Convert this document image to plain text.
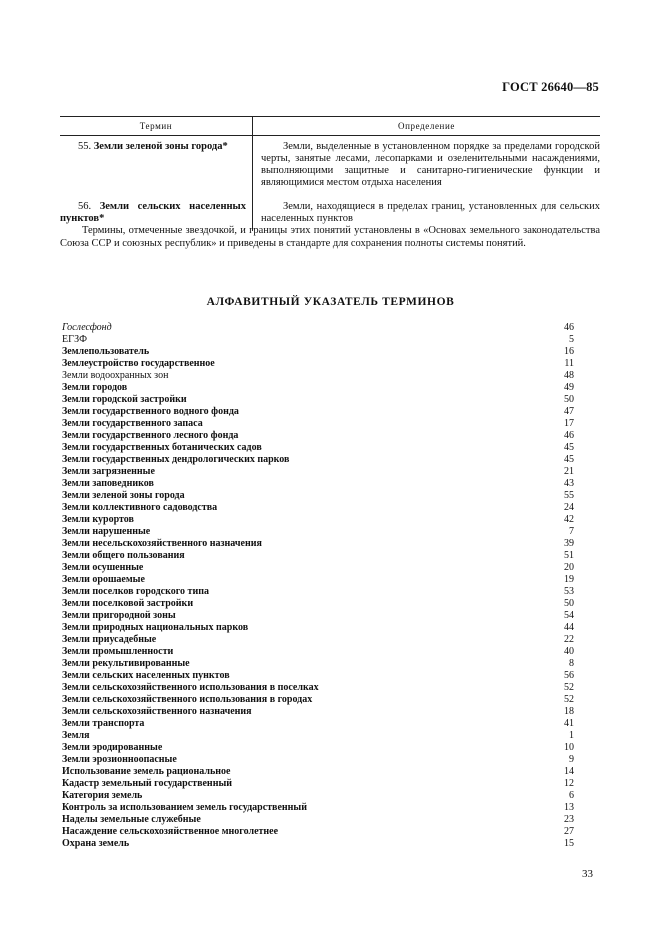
ГОСТ 26640—85
Термин	Определение

55. Земли зеленой зоны города*	Земли, выделенные в установленном порядке за пределами городской черты, занятые лесами, лесопарками и озеленительными насаждениями, выполняющими защитные и санитарно-гигиенические функции и являющимися местом отдыха населения

56. Земли сельских населенных пунктов*	Земли, находящиеся в пределах границ, установленных для сельских населенных пунктов

Термины, отмеченные звездочкой, и границы этих понятий установлены в «Основах земельного законодательства Союза ССР и союзных республик» и приведены в стандарте для сохранения полноты системы понятий.

АЛФАВИТНЫЙ УКАЗАТЕЛЬ ТЕРМИНОВ
Гослесфонд	46
ЕГЗФ	5
Землепользователь	16
Землеустройство государственное	11
Земли водоохранных зон	48
Земли городов	49
Земли городской застройки	50
Земли государственного водного фонда	47
Земли государственного запаса	17
Земли государственного лесного фонда	46
Земли государственных ботанических садов	45
Земли государственных дендрологических парков	45
Земли загрязненные	21
Земли заповедников	43
Земли зеленой зоны города	55
Земли коллективного садоводства	24
Земли курортов	42
Земли нарушенные	7
Земли несельскохозяйственного назначения	39
Земли общего пользования	51
Земли осушенные	20
Земли орошаемые	19
Земли поселков городского типа	53
Земли поселковой застройки	50
Земли пригородной зоны	54
Земли природных национальных парков	44
Земли приусадебные	22
Земли промышленности	40
Земли рекультивированные	8
Земли сельских населенных пунктов	56
Земли сельскохозяйственного использования в поселках	52
Земли сельскохозяйственного использования в городах	52
Земли сельскохозяйственного назначения	18
Земли транспорта	41
Земля	1
Земли эродированные	10
Земли эрозионноопасные	9
Использование земель рациональное	14
Кадастр земельный государственный	12
Категория земель	6
Контроль за использованием земель государственный	13
Наделы земельные служебные	23
Насаждение сельскохозяйственное многолетнее	27
Охрана земель	15
33
